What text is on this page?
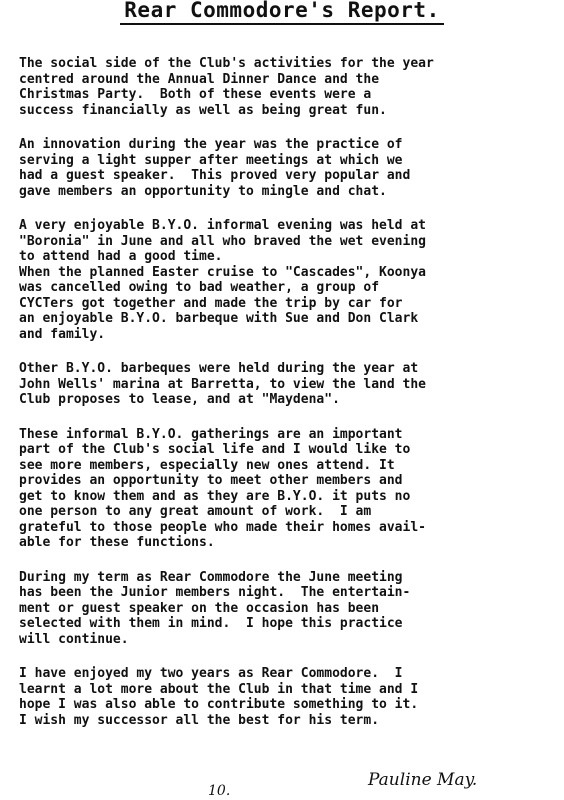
Rear Commodore's Report.

The social side of the Club's activities for the year
centred around the Annual Dinner Dance and the
Christmas Party.  Both of these events were a
success financially as well as being great fun.

An innovation during the year was the practice of
serving a light supper after meetings at which we
had a guest speaker.  This proved very popular and
gave members an opportunity to mingle and chat.

A very enjoyable B.Y.O. informal evening was held at
"Boronia" in June and all who braved the wet evening
to attend had a good time.
When the planned Easter cruise to "Cascades", Koonya
was cancelled owing to bad weather, a group of
CYCTers got together and made the trip by car for
an enjoyable B.Y.O. barbeque with Sue and Don Clark
and family.

Other B.Y.O. barbeques were held during the year at
John Wells' marina at Barretta, to view the land the
Club proposes to lease, and at "Maydena".

These informal B.Y.O. gatherings are an important
part of the Club's social life and I would like to
see more members, especially new ones attend. It
provides an opportunity to meet other members and
get to know them and as they are B.Y.O. it puts no
one person to any great amount of work.  I am
grateful to those people who made their homes avail-
able for these functions.

During my term as Rear Commodore the June meeting
has been the Junior members night.  The entertain-
ment or guest speaker on the occasion has been
selected with them in mind.  I hope this practice
will continue.

I have enjoyed my two years as Rear Commodore.  I
learnt a lot more about the Club in that time and I
hope I was also able to contribute something to it.
I wish my successor all the best for his term.

10.
Pauline May.
